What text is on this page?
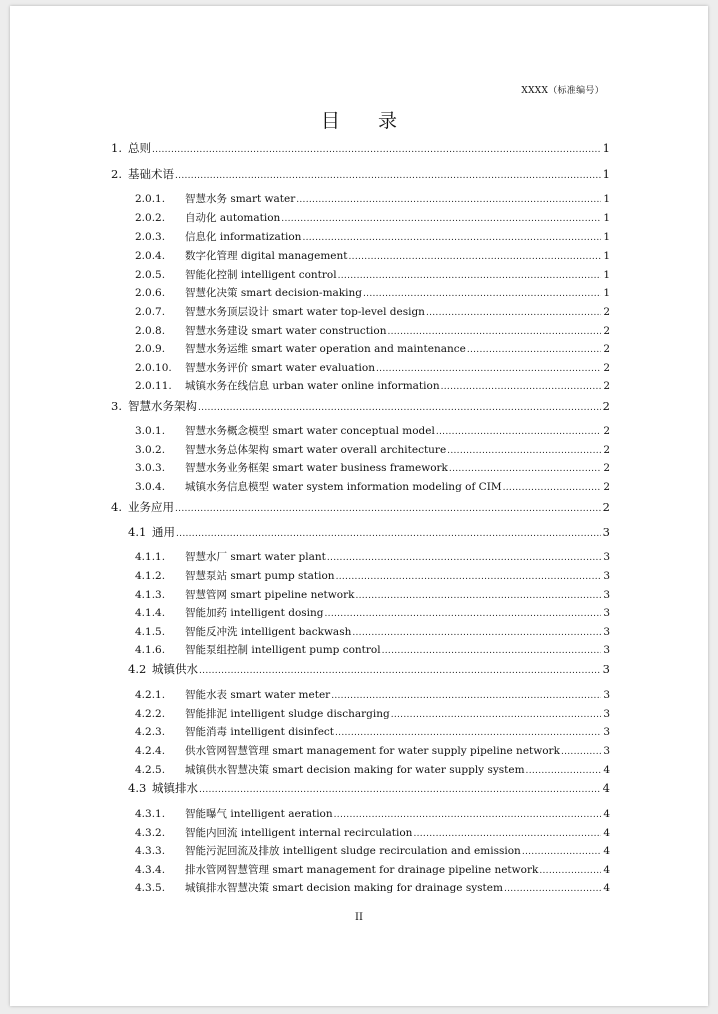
XXXX（标准编号）
目录
1. 总则 .....	1
2. 基础术语 .....	1
2.0.1.	智慧水务 smart water .....	1
2.0.2.	自动化 automation .....	1
2.0.3.	信息化 informatization .....	1
2.0.4.	数字化管理 digital management .....	1
2.0.5.	智能化控制 intelligent control .....	1
2.0.6.	智慧化决策 smart decision-making .....	1
2.0.7.	智慧水务顶层设计 smart water top-level design .....	2
2.0.8.	智慧水务建设 smart water construction .....	2
2.0.9.	智慧水务运维 smart water operation and maintenance .....	2
2.0.10.	智慧水务评价 smart water evaluation .....	2
2.0.11.	城镇水务在线信息 urban water online information .....	2
3. 智慧水务架构 .....	2
3.0.1.	智慧水务概念模型 smart water conceptual model .....	2
3.0.2.	智慧水务总体架构 smart water overall architecture .....	2
3.0.3.	智慧水务业务框架 smart water business framework .....	2
3.0.4.	城镇水务信息模型 water system information modeling of CIM .....	2
4. 业务应用 .....	2
4.1 通用 .....	3
4.1.1.	智慧水厂 smart water plant .....	3
4.1.2.	智慧泵站 smart pump station .....	3
4.1.3.	智慧管网 smart pipeline network .....	3
4.1.4.	智能加药 intelligent dosing .....	3
4.1.5.	智能反冲洗 intelligent backwash .....	3
4.1.6.	智能泵组控制 intelligent pump control .....	3
4.2 城镇供水 .....	3
4.2.1.	智能水表 smart water meter .....	3
4.2.2.	智能排泥 intelligent sludge discharging .....	3
4.2.3.	智能消毒 intelligent disinfect .....	3
4.2.4.	供水管网智慧管理 smart management for water supply pipeline network .....	3
4.2.5.	城镇供水智慧决策 smart decision making for water supply system .....	4
4.3 城镇排水 .....	4
4.3.1.	智能曝气 intelligent aeration .....	4
4.3.2.	智能内回流 intelligent internal recirculation .....	4
4.3.3.	智能污泥回流及排放 intelligent sludge recirculation and emission .....	4
4.3.4.	排水管网智慧管理 smart management for drainage pipeline network .....	4
4.3.5.	城镇排水智慧决策 smart decision making for drainage system .....	4
II
